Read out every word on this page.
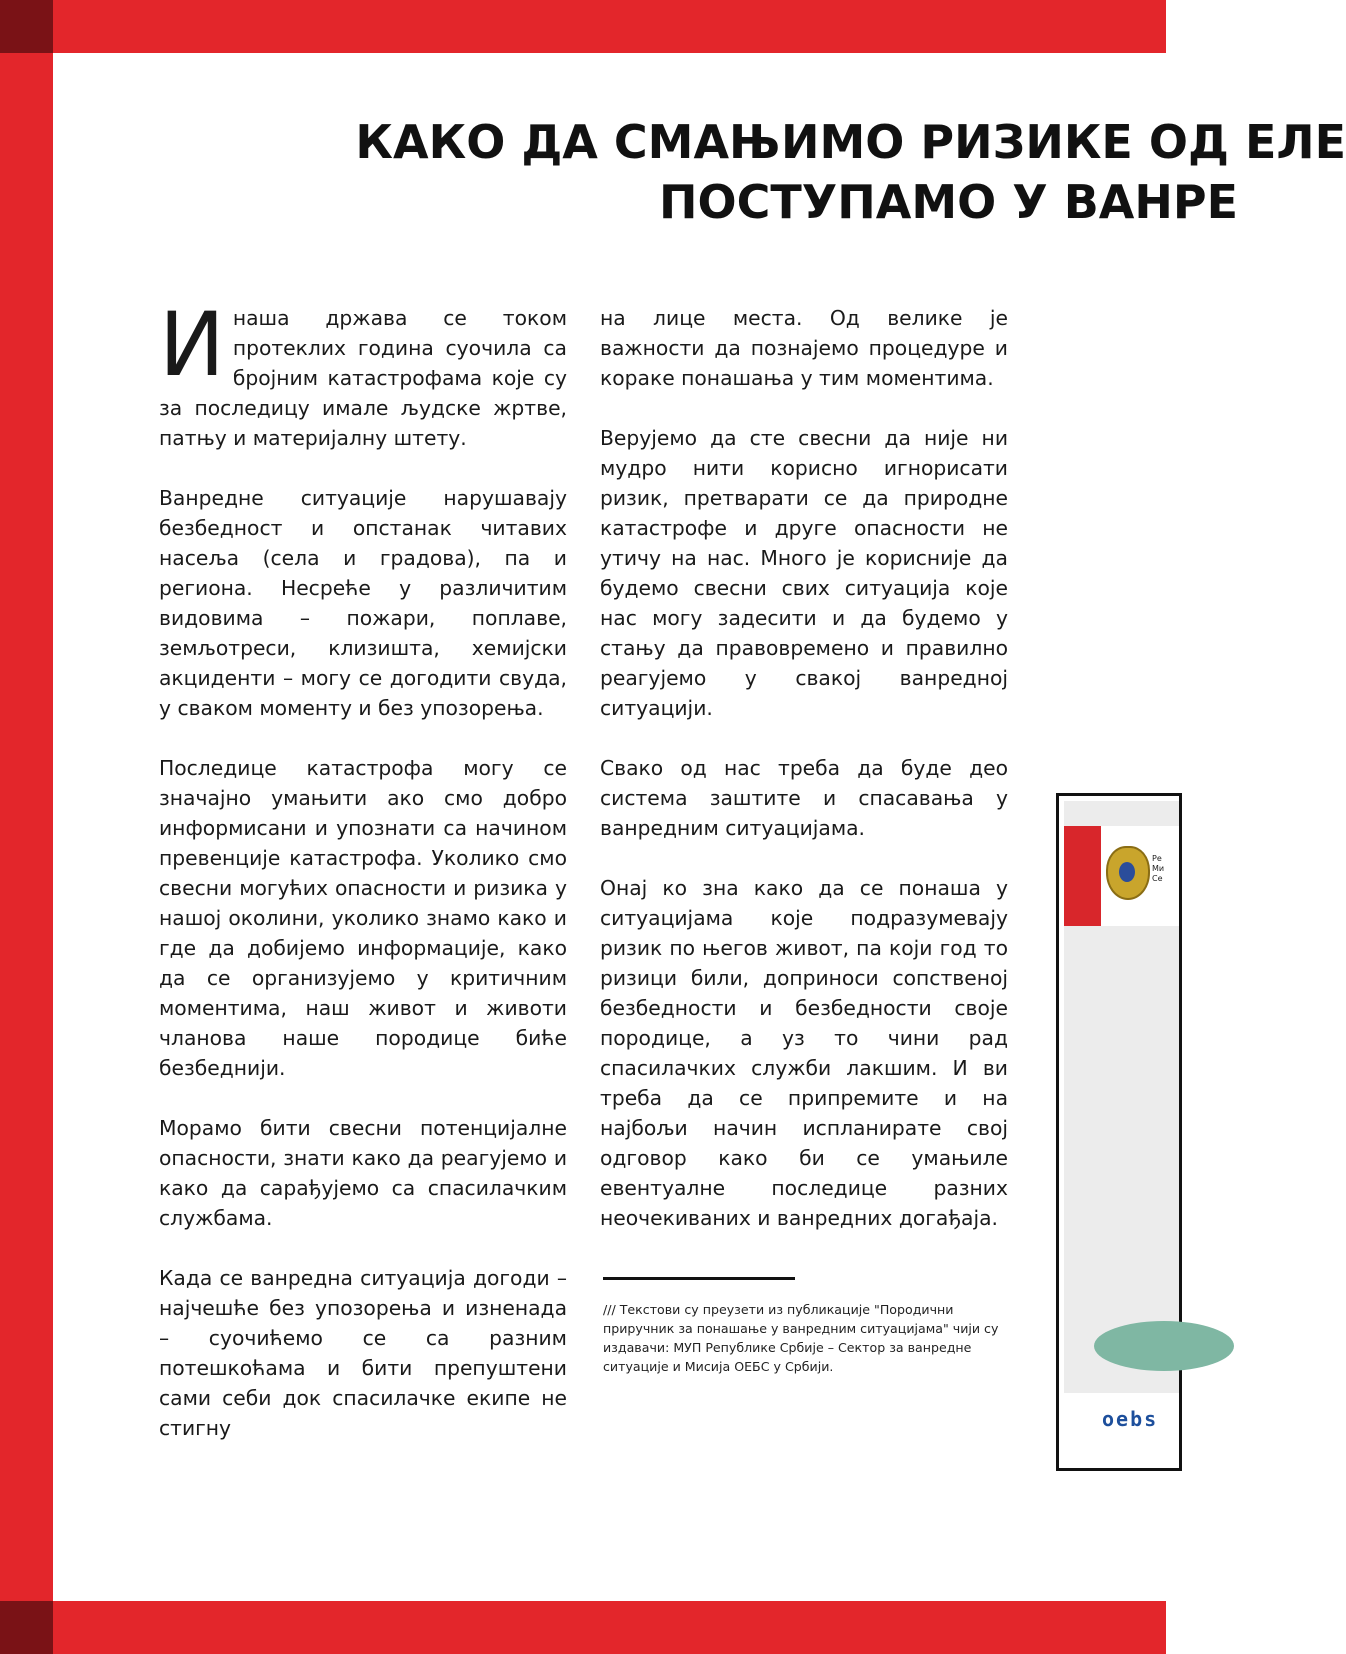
КАКО ДА СМАЊИМО РИЗИКЕ ОД ЕЛЕ
ПОСТУПАМО У ВАНРЕ

И наша држава се током протеклих година суочила са бројним катастрофама које су за последицу имале људске жртве, патњу и материјалну штету.

Ванредне ситуације нарушавају безбедност и опстанак читавих насеља (села и градова), па и региона. Несреће у различитим видовима – пожари, поплаве, земљотреси, клизишта, хемијски акциденти – могу се догодити свуда, у сваком моменту и без упозорења.

Последице катастрофа могу се значајно умањити ако смо добро информисани и упознати са начином превенције катастрофа. Уколико смо свесни могућих опасности и ризика у нашој околини, уколико знамо како и где да добијемо информације, како да се организујемо у критичним моментима, наш живот и животи чланова наше породице биће безбеднији.

Морамо бити свесни потенцијалне опасности, знати како да реагујемо и како да сарађујемо са спасилачким службама.

Када се ванредна ситуација догоди – најчешће без упозорења и изненада – суочићемо се са разним потешкоћама и бити препуштени сами себи док спасилачке екипе не стигну

на лице места. Од велике је важности да познајемо процедуре и кораке понашања у тим моментима.

Верујемо да сте свесни да није ни мудро нити корисно игнорисати ризик, претварати се да природне катастрофе и друге опасности не утичу на нас. Много је корисније да будемо свесни свих ситуација које нас могу задесити и да будемо у стању да правовремено и правилно реагујемо у свакој ванредној ситуацији.

Свако од нас треба да буде део система заштите и спасавања у ванредним ситуацијама.

Онај ко зна како да се понаша у ситуацијама које подразумевају ризик по његов живот, па који год то ризици били, доприноси сопственој безбедности и безбедности своје породице, а уз то чини рад спасилачких служби лакшим. И ви треба да се припремите и на најбољи начин испланирате свој одговор како би се умањиле евентуалне последице разних неочекиваних и ванредних догађаја.

/// Текстови су преузети из публикације "Породични приручник за понашање у ванредним ситуацијама" чији су издавачи: МУП Републике Србије – Сектор за ванредне ситуације и Мисија ОЕБС у Србији.
Ре
Ми
Се
oebs
